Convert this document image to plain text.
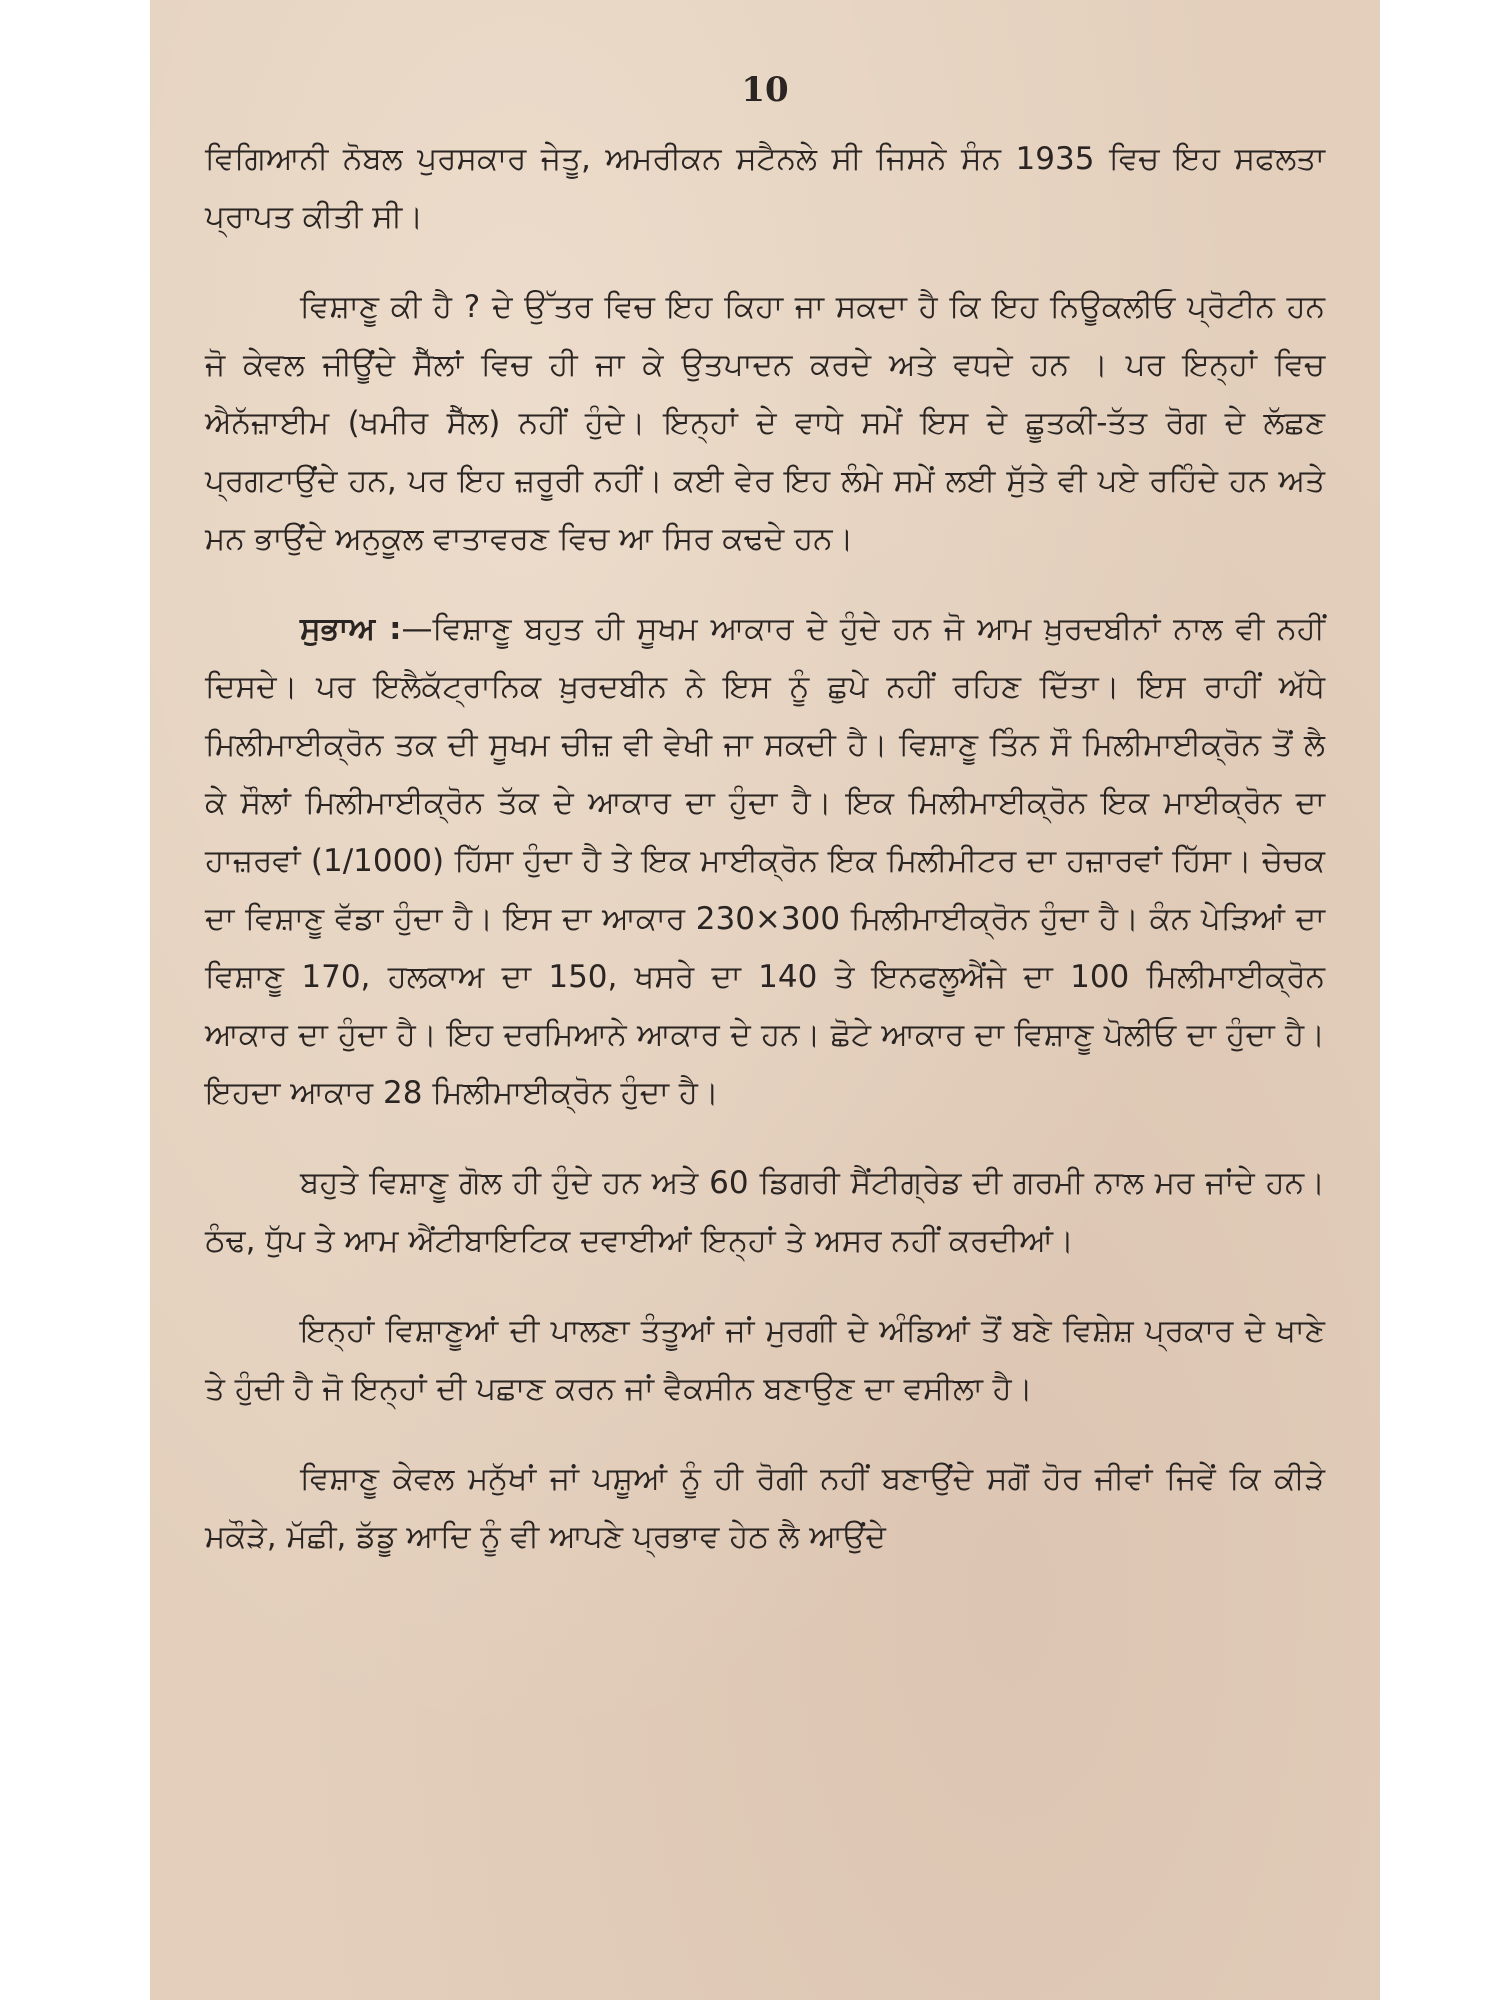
10

ਵਿਗਿਆਨੀ ਨੋਬਲ ਪੁਰਸਕਾਰ ਜੇਤੂ, ਅਮਰੀਕਨ ਸਟੈਨਲੇ ਸੀ ਜਿਸਨੇ ਸੰਨ 1935 ਵਿਚ ਇਹ ਸਫਲਤਾ ਪ੍ਰਾਪਤ ਕੀਤੀ ਸੀ।

ਵਿਸ਼ਾਣੂ ਕੀ ਹੈ ? ਦੇ ਉੱਤਰ ਵਿਚ ਇਹ ਕਿਹਾ ਜਾ ਸਕਦਾ ਹੈ ਕਿ ਇਹ ਨਿਊਕਲੀਓ ਪ੍ਰੋਟੀਨ ਹਨ ਜੋ ਕੇਵਲ ਜੀਊਂਦੇ ਸੈੱਲਾਂ ਵਿਚ ਹੀ ਜਾ ਕੇ ਉਤਪਾਦਨ ਕਰਦੇ ਅਤੇ ਵਧਦੇ ਹਨ । ਪਰ ਇਨ੍ਹਾਂ ਵਿਚ ਐਨੱਜ਼ਾਈਮ (ਖਮੀਰ ਸੈੱਲ) ਨਹੀਂ ਹੁੰਦੇ। ਇਨ੍ਹਾਂ ਦੇ ਵਾਧੇ ਸਮੇਂ ਇਸ ਦੇ ਛੂਤਕੀ-ਤੱਤ ਰੋਗ ਦੇ ਲੱਛਣ ਪ੍ਰਗਟਾਉਂਦੇ ਹਨ, ਪਰ ਇਹ ਜ਼ਰੂਰੀ ਨਹੀਂ। ਕਈ ਵੇਰ ਇਹ ਲੰਮੇ ਸਮੇਂ ਲਈ ਸੁੱਤੇ ਵੀ ਪਏ ਰਹਿੰਦੇ ਹਨ ਅਤੇ ਮਨ ਭਾਉਂਦੇ ਅਨੁਕੂਲ ਵਾਤਾਵਰਣ ਵਿਚ ਆ ਸਿਰ ਕਢਦੇ ਹਨ।

ਸੁਭਾਅ :—ਵਿਸ਼ਾਣੂ ਬਹੁਤ ਹੀ ਸੂਖਮ ਆਕਾਰ ਦੇ ਹੁੰਦੇ ਹਨ ਜੋ ਆਮ ਖ਼ੁਰਦਬੀਨਾਂ ਨਾਲ ਵੀ ਨਹੀਂ ਦਿਸਦੇ। ਪਰ ਇਲੈਕੱਟ੍ਰਾਨਿਕ ਖ਼ੁਰਦਬੀਨ ਨੇ ਇਸ ਨੂੰ ਛੁਪੇ ਨਹੀਂ ਰਹਿਣ ਦਿੱਤਾ। ਇਸ ਰਾਹੀਂ ਅੱਧੇ ਮਿਲੀਮਾਈਕ੍ਰੋਨ ਤਕ ਦੀ ਸੂਖਮ ਚੀਜ਼ ਵੀ ਵੇਖੀ ਜਾ ਸਕਦੀ ਹੈ। ਵਿਸ਼ਾਣੂ ਤਿੰਨ ਸੌ ਮਿਲੀਮਾਈਕ੍ਰੋਨ ਤੋਂ ਲੈ ਕੇ ਸੌਲਾਂ ਮਿਲੀਮਾਈਕ੍ਰੋਨ ਤੱਕ ਦੇ ਆਕਾਰ ਦਾ ਹੁੰਦਾ ਹੈ। ਇਕ ਮਿਲੀਮਾਈਕ੍ਰੋਨ ਇਕ ਮਾਈਕ੍ਰੋਨ ਦਾ ਹਾਜ਼ਰਵਾਂ (1/1000) ਹਿੱਸਾ ਹੁੰਦਾ ਹੈ ਤੇ ਇਕ ਮਾਈਕ੍ਰੋਨ ਇਕ ਮਿਲੀਮੀਟਰ ਦਾ ਹਜ਼ਾਰਵਾਂ ਹਿੱਸਾ। ਚੇਚਕ ਦਾ ਵਿਸ਼ਾਣੂ ਵੱਡਾ ਹੁੰਦਾ ਹੈ। ਇਸ ਦਾ ਆਕਾਰ 230×300 ਮਿਲੀਮਾਈਕ੍ਰੋਨ ਹੁੰਦਾ ਹੈ। ਕੰਨ ਪੇੜਿਆਂ ਦਾ ਵਿਸ਼ਾਣੂ 170, ਹਲਕਾਅ ਦਾ 150, ਖਸਰੇ ਦਾ 140 ਤੇ ਇਨਫਲੂਐਂਜੇ ਦਾ 100 ਮਿਲੀਮਾਈਕ੍ਰੋਨ ਆਕਾਰ ਦਾ ਹੁੰਦਾ ਹੈ। ਇਹ ਦਰਮਿਆਨੇ ਆਕਾਰ ਦੇ ਹਨ। ਛੋਟੇ ਆਕਾਰ ਦਾ ਵਿਸ਼ਾਣੂ ਪੋਲੀਓ ਦਾ ਹੁੰਦਾ ਹੈ। ਇਹਦਾ ਆਕਾਰ 28 ਮਿਲੀਮਾਈਕ੍ਰੋਨ ਹੁੰਦਾ ਹੈ।

ਬਹੁਤੇ ਵਿਸ਼ਾਣੂ ਗੋਲ ਹੀ ਹੁੰਦੇ ਹਨ ਅਤੇ 60 ਡਿਗਰੀ ਸੈਂਟੀਗ੍ਰੇਡ ਦੀ ਗਰਮੀ ਨਾਲ ਮਰ ਜਾਂਦੇ ਹਨ। ਠੰਢ, ਧੁੱਪ ਤੇ ਆਮ ਐਂਟੀਬਾਇਟਿਕ ਦਵਾਈਆਂ ਇਨ੍ਹਾਂ ਤੇ ਅਸਰ ਨਹੀਂ ਕਰਦੀਆਂ।

ਇਨ੍ਹਾਂ ਵਿਸ਼ਾਣੂਆਂ ਦੀ ਪਾਲਣਾ ਤੰਤੂਆਂ ਜਾਂ ਮੁਰਗੀ ਦੇ ਅੰਡਿਆਂ ਤੋਂ ਬਣੇ ਵਿਸ਼ੇਸ਼ ਪ੍ਰਕਾਰ ਦੇ ਖਾਣੇ ਤੇ ਹੁੰਦੀ ਹੈ ਜੋ ਇਨ੍ਹਾਂ ਦੀ ਪਛਾਣ ਕਰਨ ਜਾਂ ਵੈਕਸੀਨ ਬਣਾਉਣ ਦਾ ਵਸੀਲਾ ਹੈ।

ਵਿਸ਼ਾਣੂ ਕੇਵਲ ਮਨੁੱਖਾਂ ਜਾਂ ਪਸ਼ੂਆਂ ਨੂੰ ਹੀ ਰੋਗੀ ਨਹੀਂ ਬਣਾਉਂਦੇ ਸਗੋਂ ਹੋਰ ਜੀਵਾਂ ਜਿਵੇਂ ਕਿ ਕੀੜੇ ਮਕੌੜੇ, ਮੱਛੀ, ਡੱਡੂ ਆਦਿ ਨੂੰ ਵੀ ਆਪਣੇ ਪ੍ਰਭਾਵ ਹੇਠ ਲੈ ਆਉਂਦੇ
